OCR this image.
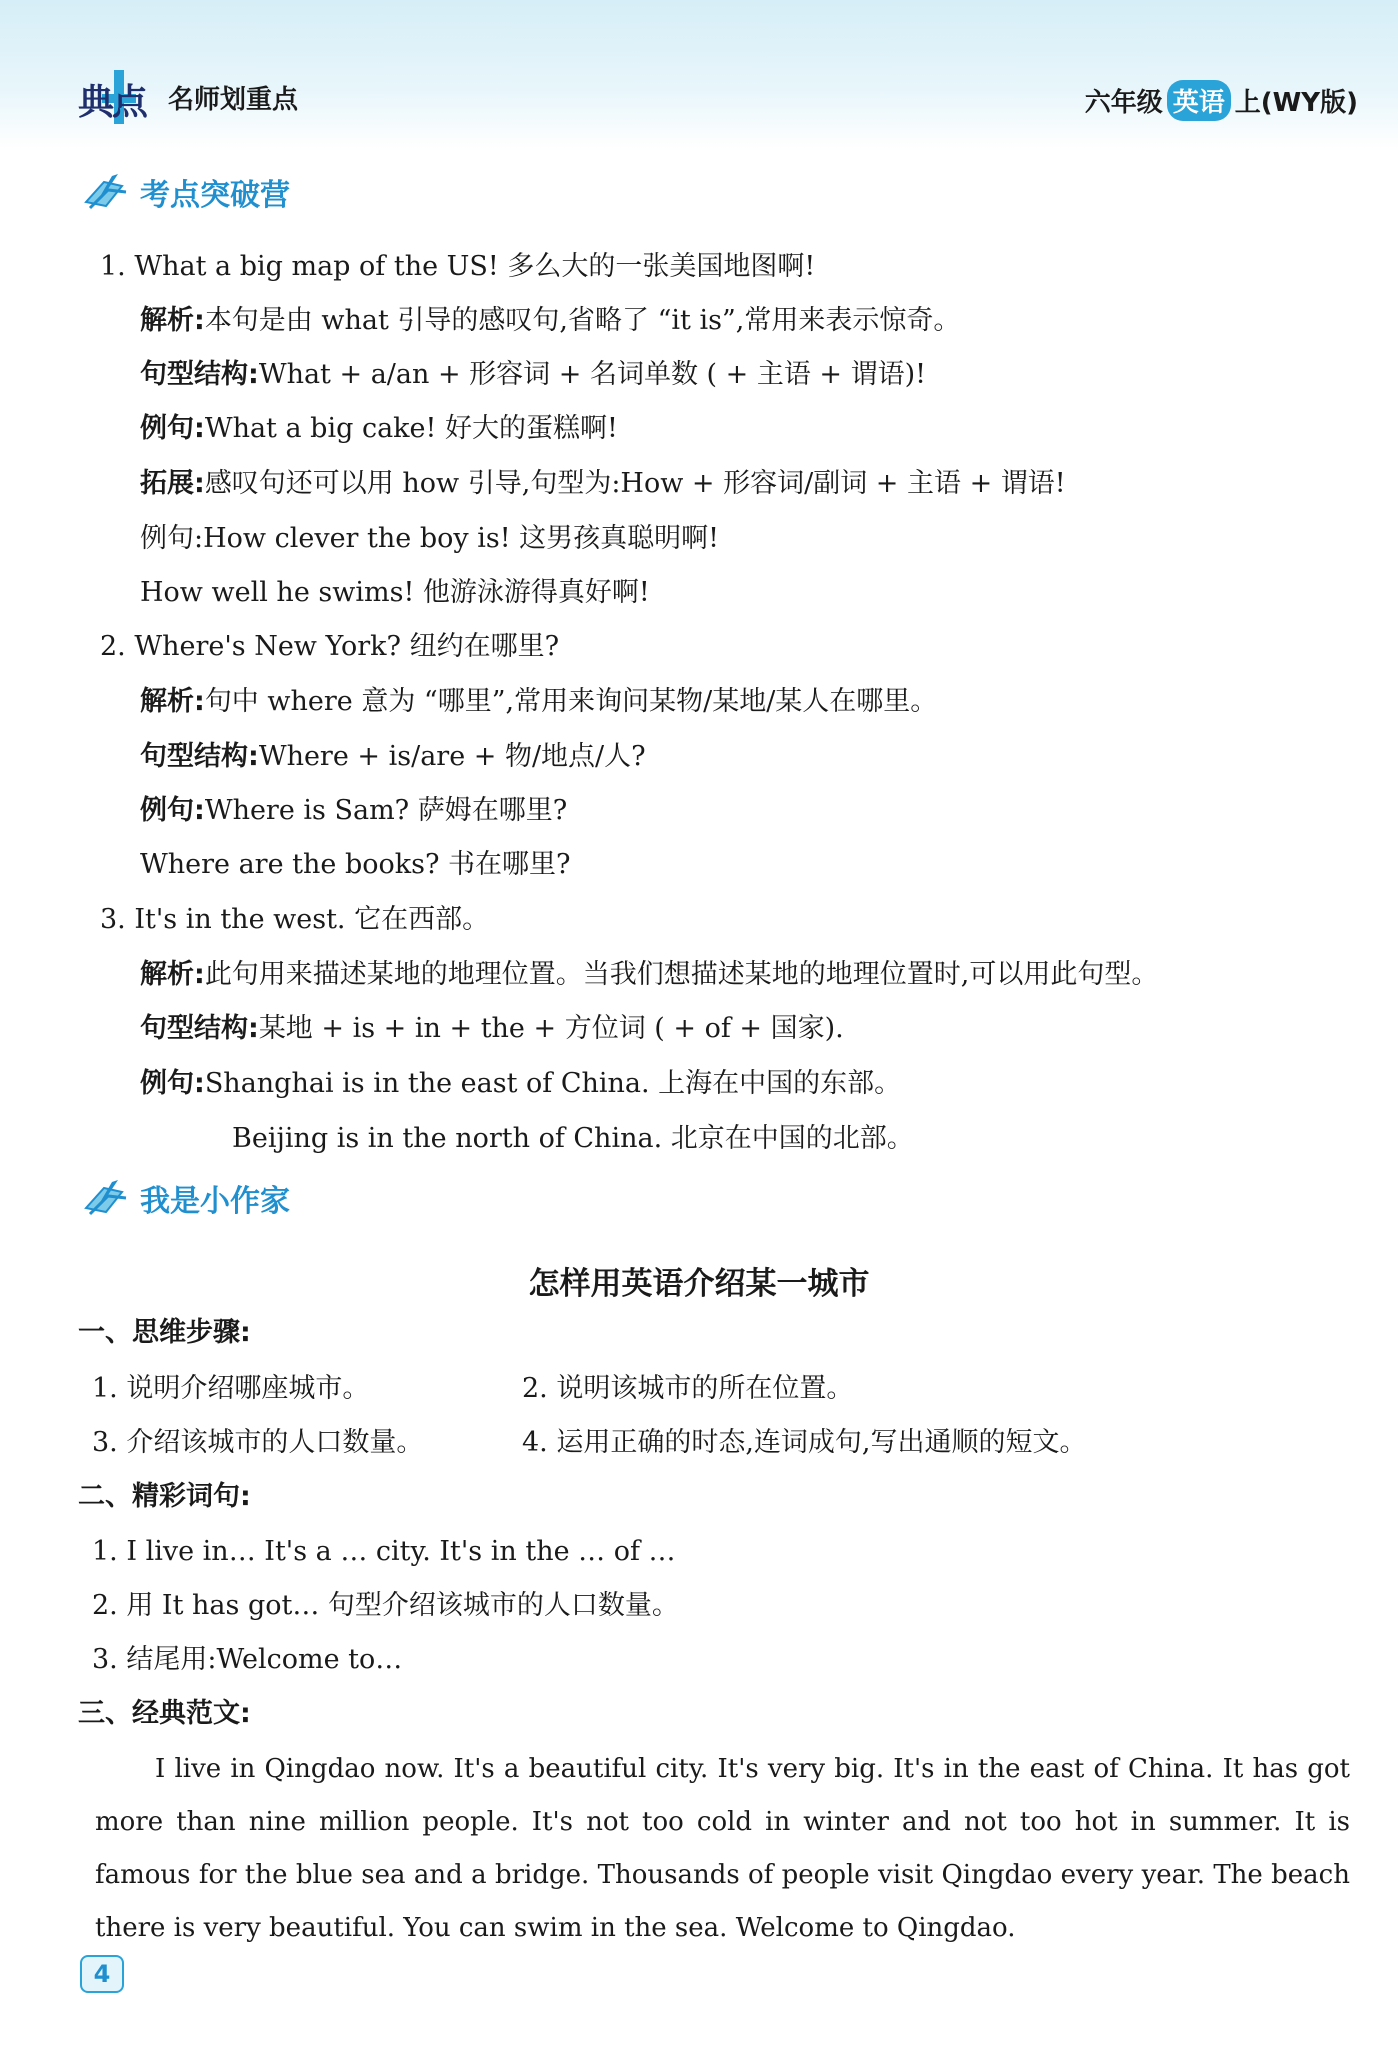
典点 名师划重点	六年级 英语 上(WY版)
考点突破营
1. What a big map of the US! 多么大的一张美国地图啊!
解析:本句是由 what 引导的感叹句,省略了 “it is”,常用来表示惊奇。
句型结构:What + a/an + 形容词 + 名词单数 ( + 主语 + 谓语)!
例句:What a big cake! 好大的蛋糕啊!
拓展:感叹句还可以用 how 引导,句型为:How + 形容词/副词 + 主语 + 谓语!
例句:How clever the boy is! 这男孩真聪明啊!
How well he swims! 他游泳游得真好啊!
2. Where's New York? 纽约在哪里?
解析:句中 where 意为 “哪里”,常用来询问某物/某地/某人在哪里。
句型结构:Where + is/are + 物/地点/人?
例句:Where is Sam? 萨姆在哪里?
Where are the books? 书在哪里?
3. It's in the west. 它在西部。
解析:此句用来描述某地的地理位置。当我们想描述某地的地理位置时,可以用此句型。
句型结构:某地 + is + in + the + 方位词 ( + of + 国家).
例句:Shanghai is in the east of China. 上海在中国的东部。
Beijing is in the north of China. 北京在中国的北部。
我是小作家
怎样用英语介绍某一城市
一、思维步骤:
1. 说明介绍哪座城市。	2. 说明该城市的所在位置。
3. 介绍该城市的人口数量。	4. 运用正确的时态,连词成句,写出通顺的短文。
二、精彩词句:
1. I live in… It's a … city. It's in the … of …
2. 用 It has got… 句型介绍该城市的人口数量。
3. 结尾用:Welcome to…
三、经典范文:
I live in Qingdao now. It's a beautiful city. It's very big. It's in the east of China. It has got more than nine million people. It's not too cold in winter and not too hot in summer. It is famous for the blue sea and a bridge. Thousands of people visit Qingdao every year. The beach there is very beautiful. You can swim in the sea. Welcome to Qingdao.
4
